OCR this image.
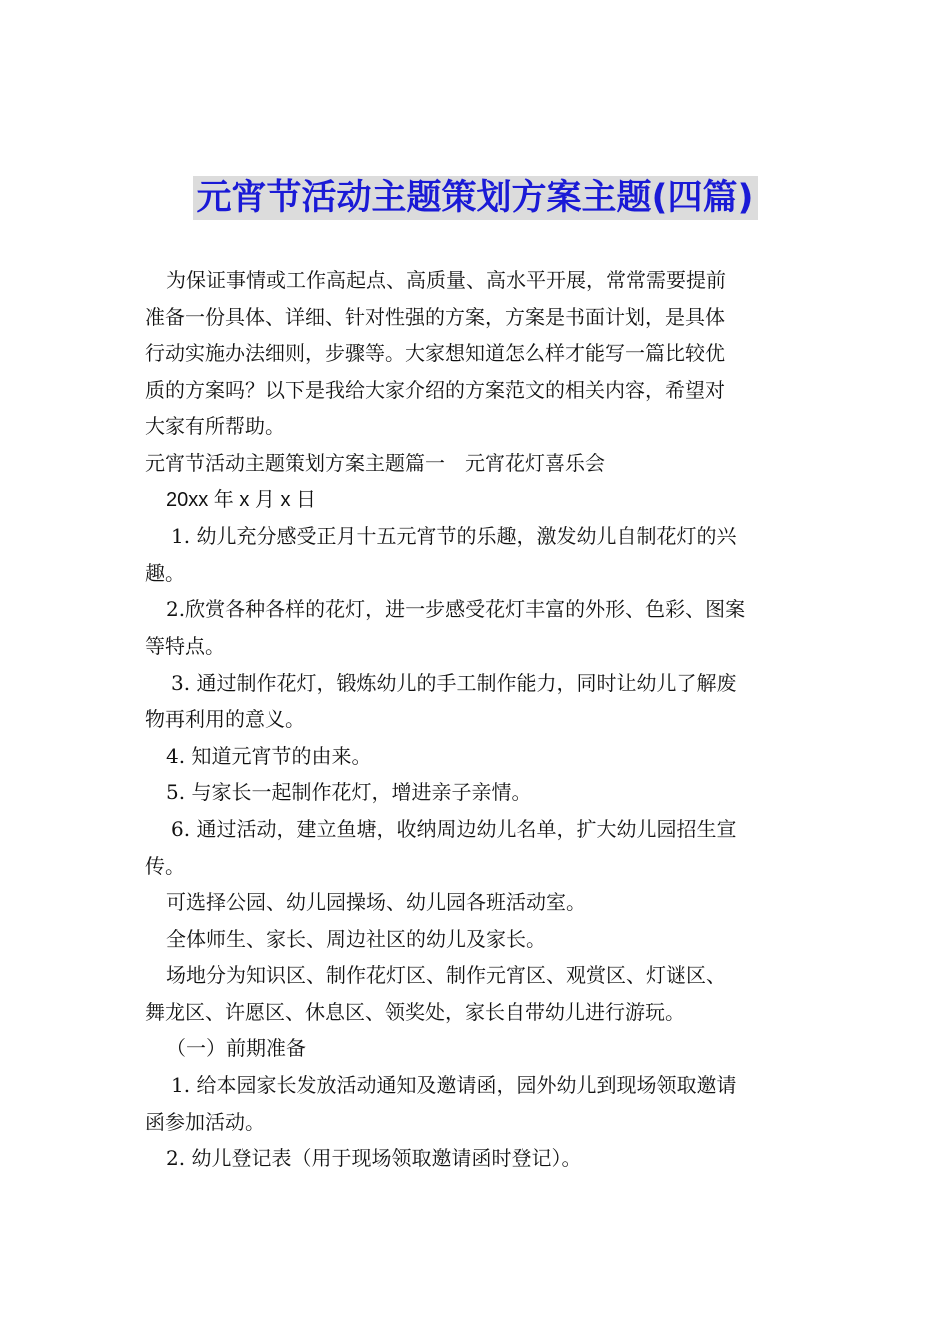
元宵节活动主题策划方案主题(四篇)
为保证事情或工作高起点、高质量、高水平开展，常常需要提前
准备一份具体、详细、针对性强的方案，方案是书面计划，是具体
行动实施办法细则，步骤等。大家想知道怎么样才能写一篇比较优
质的方案吗？以下是我给大家介绍的方案范文的相关内容，希望对
大家有所帮助。
元宵节活动主题策划方案主题篇一　元宵花灯喜乐会
20xx 年 x 月 x 日
1. 幼儿充分感受正月十五元宵节的乐趣，激发幼儿自制花灯的兴
趣。
2.欣赏各种各样的花灯，进一步感受花灯丰富的外形、色彩、图案
等特点。
3. 通过制作花灯，锻炼幼儿的手工制作能力，同时让幼儿了解废
物再利用的意义。
4. 知道元宵节的由来。
5. 与家长一起制作花灯，增进亲子亲情。
6. 通过活动，建立鱼塘，收纳周边幼儿名单，扩大幼儿园招生宣
传。
可选择公园、幼儿园操场、幼儿园各班活动室。
全体师生、家长、周边社区的幼儿及家长。
场地分为知识区、制作花灯区、制作元宵区、观赏区、灯谜区、
舞龙区、许愿区、休息区、领奖处，家长自带幼儿进行游玩。
（一）前期准备
1. 给本园家长发放活动通知及邀请函，园外幼儿到现场领取邀请
函参加活动。
2. 幼儿登记表（用于现场领取邀请函时登记）。
